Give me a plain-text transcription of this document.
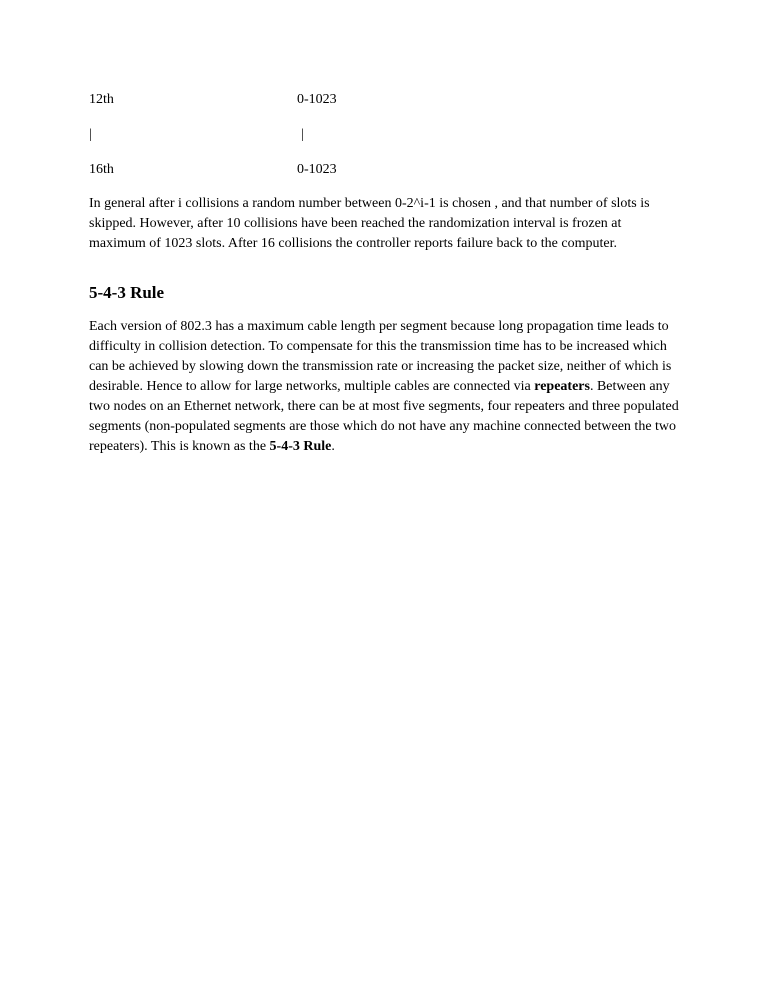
12th	0-1023
|	|
16th	0-1023

In general after i collisions a random number between 0-2^i-1 is chosen , and that number of slots is skipped. However, after 10 collisions have been reached the randomization interval is frozen at maximum of 1023 slots. After 16 collisions the controller reports failure back to the computer.

5-4-3 Rule

Each version of 802.3 has a maximum cable length per segment because long propagation time leads to difficulty in collision detection. To compensate for this the transmission time has to be increased which can be achieved by slowing down the transmission rate or increasing the packet size, neither of which is desirable. Hence to allow for large networks, multiple cables are connected via repeaters. Between any two nodes on an Ethernet network, there can be at most five segments, four repeaters and three populated segments (non-populated segments are those which do not have any machine connected between the two repeaters). This is known as the 5-4-3 Rule.
